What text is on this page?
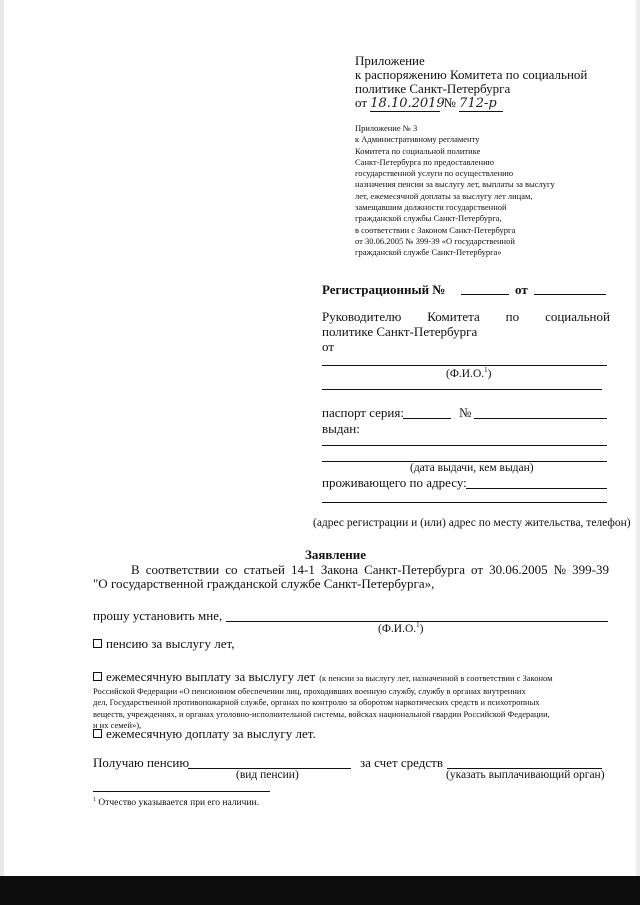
Приложение
к распоряжению Комитета по социальной
политике Санкт-Петербурга
от 18.10.2019 № 712-р
Приложение № 3
к Административному регламенту
Комитета по социальной политике
Санкт-Петербурга по предоставлению
государственной услуги по осуществлению
назначения пенсии за выслугу лет, выплаты за выслугу
лет, ежемесячной доплаты за выслугу лет лицам,
замещавшим должности государственной
гражданской службы Санкт-Петербурга,
в соответствии с Законом Санкт-Петербурга
от 30.06.2005 № 399-39 «О государственной
гражданской службе Санкт-Петербурга»
Регистрационный №	от
Руководителю Комитета по социальной
политике Санкт-Петербурга
от
(Ф.И.О.$^1$)
паспорт серия:	№
выдан:
(дата выдачи, кем выдан)
проживающего по адресу:
(адрес регистрации и (или) адрес по месту жительства, телефон)
Заявление
В соответствии со статьей 14-1 Закона Санкт-Петербурга от 30.06.2005 № 399-39
"О государственной гражданской службе Санкт-Петербурга»,
прошу установить мне,
(Ф.И.О.$^1$)
пенсию за выслугу лет,
ежемесячную выплату за выслугу лет (к пенсии за выслугу лет, назначенной в соответствии с Законом
Российской Федерации «О пенсионном обеспечении лиц, проходивших военную службу, службу в органах внутренних
дел, Государственной противопожарной службе, органах по контролю за оборотом наркотических средств и психотропных
веществ, учреждениях, и органах уголовно-исполнительной системы, войсках национальной гвардии Российской Федерации,
и их семей»),
ежемесячную доплату за выслугу лет.
Получаю пенсию
(вид пенсии)
за счет средств
(указать выплачивающий орган)
$^1$ Отчество указывается при его наличии.
